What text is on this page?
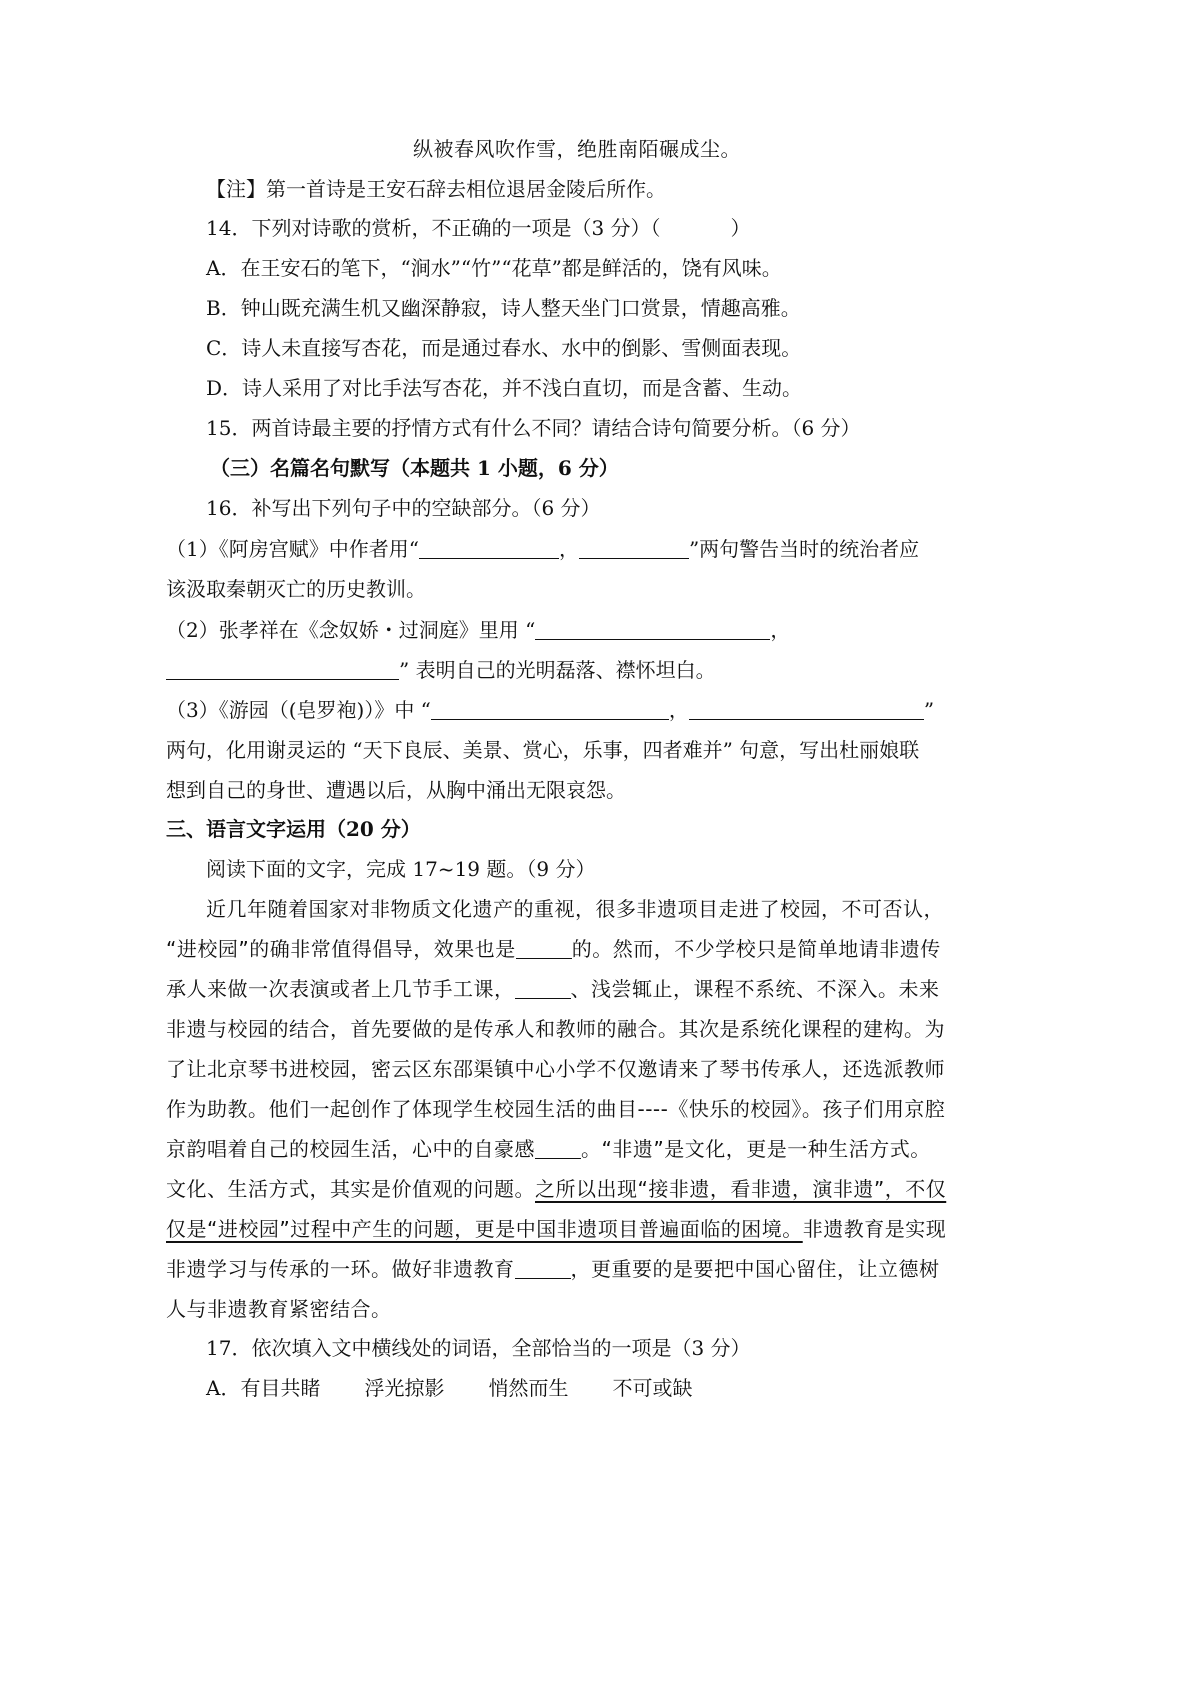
纵被春风吹作雪，绝胜南陌碾成尘。
【注】第一首诗是王安石辞去相位退居金陵后所作。
14．下列对诗歌的赏析，不正确的一项是（3 分）（	）
A．在王安石的笔下，“涧水”“竹”“花草”都是鲜活的，饶有风味。
B．钟山既充满生机又幽深静寂，诗人整天坐门口赏景，情趣高雅。
C．诗人未直接写杏花，而是通过春水、水中的倒影、雪侧面表现。
D．诗人采用了对比手法写杏花，并不浅白直切，而是含蓄、生动。
15．两首诗最主要的抒情方式有什么不同？请结合诗句简要分析。（6 分）
（三）名篇名句默写（本题共 1 小题，6 分）
16．补写出下列句子中的空缺部分。（6 分）
（1）《阿房宫赋》中作者用“	，	”两句警告当时的统治者应
该汲取秦朝灭亡的历史教训。
（2）张孝祥在《念奴娇・过洞庭》里用 “	，
” 表明自己的光明磊落、襟怀坦白。
（3）《游园（(皂罗袍)）》中 “	，	”
两句，化用谢灵运的 “天下良辰、美景、赏心，乐事，四者难并” 句意，写出杜丽娘联
想到自己的身世、遭遇以后，从胸中涌出无限哀怨。
三、语言文字运用（20 分）
阅读下面的文字，完成 17~19 题。（9 分）
近几年随着国家对非物质文化遗产的重视，很多非遗项目走进了校园，不可否认，
“进校园”的确非常值得倡导，效果也是	的。然而，不少学校只是简单地请非遗传
承人来做一次表演或者上几节手工课，	、浅尝辄止，课程不系统、不深入。未来
非遗与校园的结合，首先要做的是传承人和教师的融合。其次是系统化课程的建构。为
了让北京琴书进校园，密云区东邵渠镇中心小学不仅邀请来了琴书传承人，还选派教师
作为助教。他们一起创作了体现学生校园生活的曲目----《快乐的校园》。孩子们用京腔
京韵唱着自己的校园生活，心中的自豪感 。“非遗”是文化，更是一种生活方式。
文化、生活方式，其实是价值观的问题。之所以出现“接非遗，看非遗，演非遗”，不仅
仅是“进校园”过程中产生的问题，更是中国非遗项目普遍面临的困境。非遗教育是实现
非遗学习与传承的一环。做好非遗教育	，更重要的是要把中国心留住，让立德树
人与非遗教育紧密结合。
17．依次填入文中横线处的词语，全部恰当的一项是（3 分）
A．有目共睹 浮光掠影 悄然而生 不可或缺
